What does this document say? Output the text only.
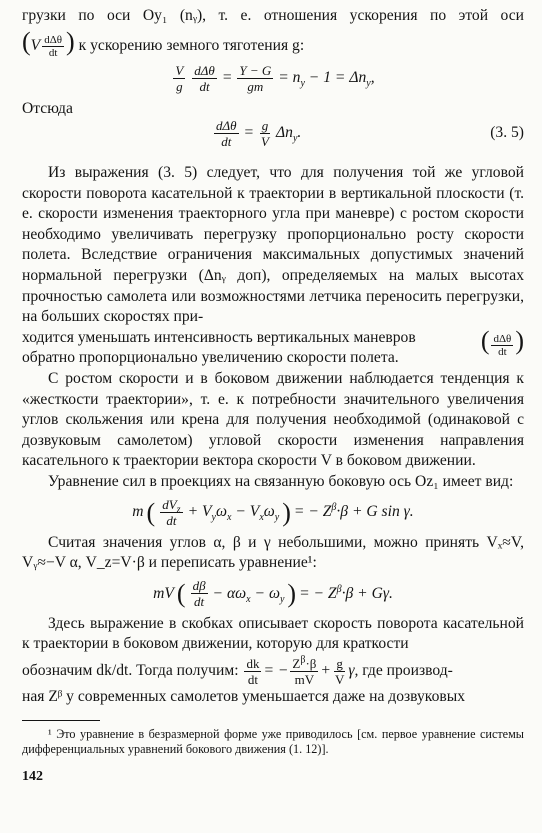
грузки по оси Oy₁ (nᵧ), т. е. отношения ускорения по этой оси

(V dΔθ
dt ) к ускорению земного тяготения g:

V
g
dΔθ
dt
= $\frac{Y - G}{gm} = n_y - 1 = \Delta n_y$,

Отсюда

dΔθ
dt
= $\frac{g}{V} \Delta n_y$.	(3. 5)

Из выражения (3. 5) следует, что для получения той же угловой скорости поворота касательной к траектории в вертикальной плоскости (т. е. скорости изменения траекторного угла при маневре) с ростом скорости необходимо увеличивать перегрузку пропорционально росту скорости полета. Вследствие ограничения максимальных допустимых значений нормальной перегрузки (Δnᵧ доп), определяемых на малых высотах прочностью самолета или возможностями летчика переносить перегрузки, на больших скоростях при-

ходится уменьшать интенсивность вертикальных маневров	( dΔθ
dt )

обратно пропорционально увеличению скорости полета.

С ростом скорости и в боковом движении наблюдается тенденция к «жесткости траектории», т. е. к потребности значительного увеличения углов скольжения или крена для получения необходимой (одинаковой с дозвуковым самолетом) угловой скорости изменения направления касательного к траектории вектора скорости V в боковом движении.

Уравнение сил в проекциях на связанную боковую ось Oz₁ имеет вид:

m ( $dV_z$
dt
+ $V_y\omega_x - V_x\omega_y$ ) = − $Z^\beta\cdot\beta + G$ sin γ.

Считая значения углов α, β и γ небольшими, можно принять Vₓ≈V, Vᵧ≈−V α, V_z=V·β и переписать уравнение¹:

mV ( dβ
dt
− $\alpha\omega_x - \omega_y$ ) = − $Z^\beta\cdot\beta + G\gamma$.

Здесь выражение в скобках описывает скорость поворота касательной к траектории в боковом движении, которую для краткости

обозначим dk/dt. Тогда получим: $\frac{dk}{dt}$ = − $\frac{Z^\beta\cdot\beta}{mV} + \frac{g}{V} \gamma$, где производ-

ная Zᵝ у современных самолетов уменьшается даже на дозвуковых

¹ Это уравнение в безразмерной форме уже приводилось [см. первое уравнение системы дифференциальных уравнений бокового движения (1. 12)].

142
